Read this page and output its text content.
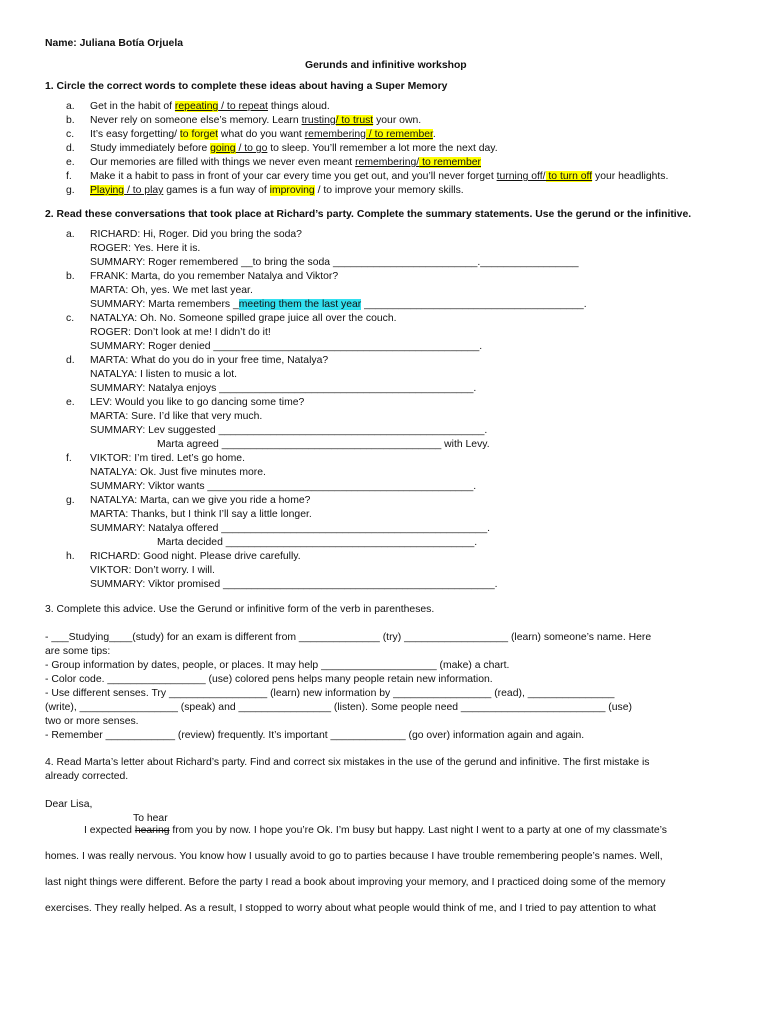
Name: Juliana Botía Orjuela
Gerunds and infinitive workshop
1. Circle the correct words to complete these ideas about having a Super Memory
a. Get in the habit of repeating / to repeat things aloud.
b. Never rely on someone else’s memory. Learn trusting/ to trust your own.
c. It’s easy forgetting/ to forget what do you want remembering / to remember.
d. Study immediately before going / to go to sleep. You’ll remember a lot more the next day.
e. Our memories are filled with things we never even meant remembering/ to remember
f. Make it a habit to pass in front of your car every time you get out, and you’ll never forget turning off/ to turn off your headlights.
g. Playing / to play games is a fun way of improving / to improve your memory skills.
2. Read these conversations that took place at Richard’s party. Complete the summary statements. Use the gerund or the infinitive.
a. RICHARD: Hi, Roger. Did you bring the soda?
ROGER: Yes. Here it is.
SUMMARY: Roger remembered __to bring the soda _________________________._________________
b. FRANK: Marta, do you remember Natalya and Viktor?
MARTA: Oh, yes. We met last year.
SUMMARY: Marta remembers _meeting them the last year ______________________________________.
c. NATALYA: Oh. No. Someone spilled grape juice all over the couch.
ROGER: Don’t look at me! I didn’t do it!
SUMMARY: Roger denied ______________________________________________.
d. MARTA: What do you do in your free time, Natalya?
NATALYA: I listen to music a lot.
SUMMARY: Natalya enjoys ____________________________________________.
e. LEV: Would you like to go dancing some time?
MARTA: Sure. I’d like that very much.
SUMMARY: Lev suggested ______________________________________________.
Marta agreed ______________________________________ with Levy.
f. VIKTOR: I’m tired. Let’s go home.
NATALYA: Ok. Just five minutes more.
SUMMARY: Viktor wants ______________________________________________.
g. NATALYA: Marta, can we give you ride a home?
MARTA: Thanks, but I think I’ll say a little longer.
SUMMARY: Natalya offered ______________________________________________.
Marta decided ___________________________________________.
h. RICHARD: Good night. Please drive carefully.
VIKTOR: Don’t worry. I will.
SUMMARY: Viktor promised _______________________________________________.
3. Complete this advice. Use the Gerund or infinitive form of the verb in parentheses.
- ___Studying____(study) for an exam is different from ______________ (try) __________________ (learn) someone’s name. Here
are some tips:
- Group information by dates, people, or places. It may help ____________________ (make) a chart.
- Color code. _________________ (use) colored pens helps many people retain new information.
- Use different senses. Try _________________ (learn) new information by _________________ (read), _______________
(write), _________________ (speak) and ________________ (listen). Some people need _________________________ (use)
two or more senses.
- Remember ____________ (review) frequently. It’s important _____________ (go over) information again and again.
4. Read Marta’s letter about Richard’s party. Find and correct six mistakes in the use of the gerund and infinitive. The first mistake is
already corrected.
Dear Lisa,
To hear
I expected hearing from you by now. I hope you’re Ok. I’m busy but happy. Last night I went to a party at one of my classmate’s
homes. I was really nervous. You know how I usually avoid to go to parties because I have trouble remembering people’s names. Well,
last night things were different. Before the party I read a book about improving your memory, and I practiced doing some of the memory
exercises. They really helped. As a result, I stopped to worry about what people would think of me, and I tried to pay attention to what
